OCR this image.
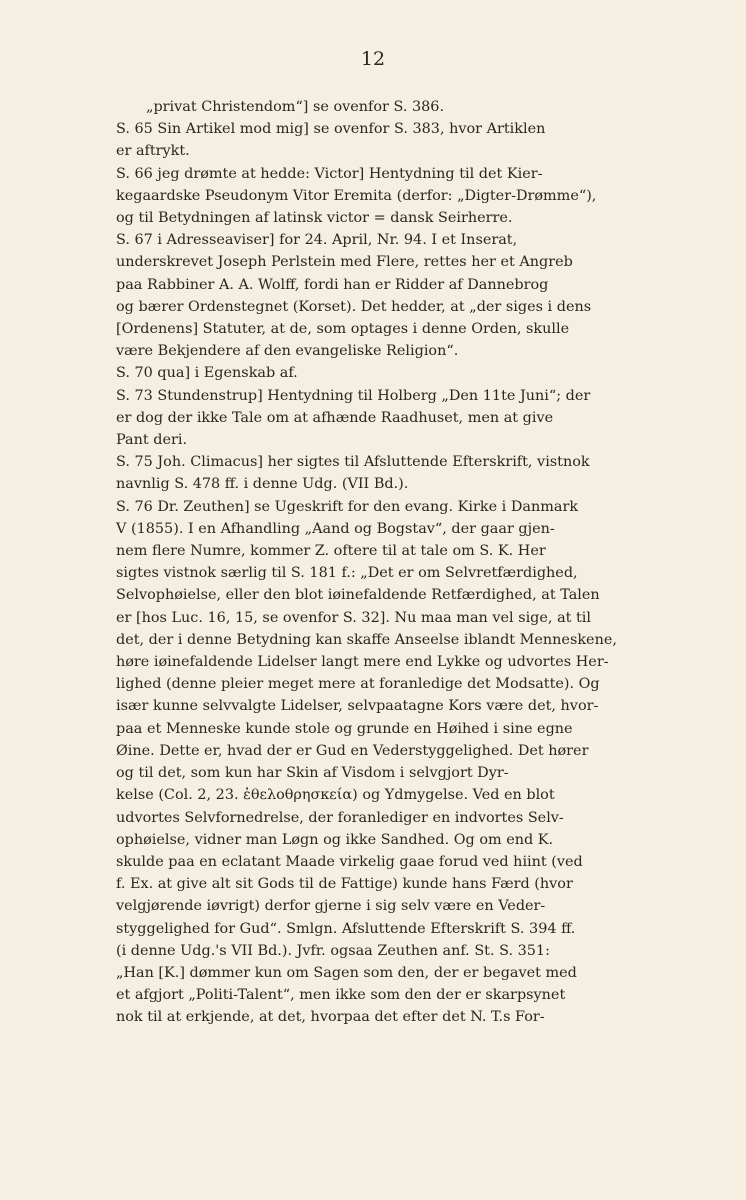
12

„privat Christendom“] se ovenfor S. 386.

S. 65 Sin Artikel mod mig] se ovenfor S. 383, hvor Artiklen
er aftrykt.

S. 66 jeg drømte at hedde: Victor] Hentydning til det Kier-
kegaardske Pseudonym Vitor Eremita (derfor: „Digter-Drømme“),
og til Betydningen af latinsk victor = dansk Seirherre.

S. 67 i Adresseaviser] for 24. April, Nr. 94. I et Inserat,
underskrevet Joseph Perlstein med Flere, rettes her et Angreb
paa Rabbiner A. A. Wolff, fordi han er Ridder af Dannebrog
og bærer Ordenstegnet (Korset). Det hedder, at „der siges i dens
[Ordenens] Statuter, at de, som optages i denne Orden, skulle
være Bekjendere af den evangeliske Religion“.

S. 70 qua] i Egenskab af.

S. 73 Stundenstrup] Hentydning til Holberg „Den 11te Juni“; der
er dog der ikke Tale om at afhænde Raadhuset, men at give
Pant deri.

S. 75 Joh. Climacus] her sigtes til Afsluttende Efterskrift, vistnok
navnlig S. 478 ff. i denne Udg. (VII Bd.).

S. 76 Dr. Zeuthen] se Ugeskrift for den evang. Kirke i Danmark
V (1855). I en Afhandling „Aand og Bogstav“, der gaar gjen-
nem flere Numre, kommer Z. oftere til at tale om S. K. Her
sigtes vistnok særlig til S. 181 f.: „Det er om Selvretfærdighed,
Selvophøielse, eller den blot iøinefaldende Retfærdighed, at Talen
er [hos Luc. 16, 15, se ovenfor S. 32]. Nu maa man vel sige, at til
det, der i denne Betydning kan skaffe Anseelse iblandt Menneskene,
høre iøinefaldende Lidelser langt mere end Lykke og udvortes Her-
lighed (denne pleier meget mere at foranledige det Modsatte). Og
især kunne selvvalgte Lidelser, selvpaatagne Kors være det, hvor-
paa et Menneske kunde stole og grunde en Høihed i sine egne
Øine. Dette er, hvad der er Gud en Vederstyggelighed. Det hører
og til det, som kun har Skin af Visdom i selvgjort Dyr-
kelse (Col. 2, 23. ἐθελοθρησκεία) og Ydmygelse. Ved en blot
udvortes Selvfornedrelse, der foranlediger en indvortes Selv-
ophøielse, vidner man Løgn og ikke Sandhed. Og om end K.
skulde paa en eclatant Maade virkelig gaae forud ved hiint (ved
f. Ex. at give alt sit Gods til de Fattige) kunde hans Færd (hvor
velgjørende iøvrigt) derfor gjerne i sig selv være en Veder-
styggelighed for Gud“. Smlgn. Afsluttende Efterskrift S. 394 ff.
(i denne Udg.'s VII Bd.). Jvfr. ogsaa Zeuthen anf. St. S. 351:
„Han [K.] dømmer kun om Sagen som den, der er begavet med
et afgjort „Politi-Talent“, men ikke som den der er skarpsynet
nok til at erkjende, at det, hvorpaa det efter det N. T.s For-
